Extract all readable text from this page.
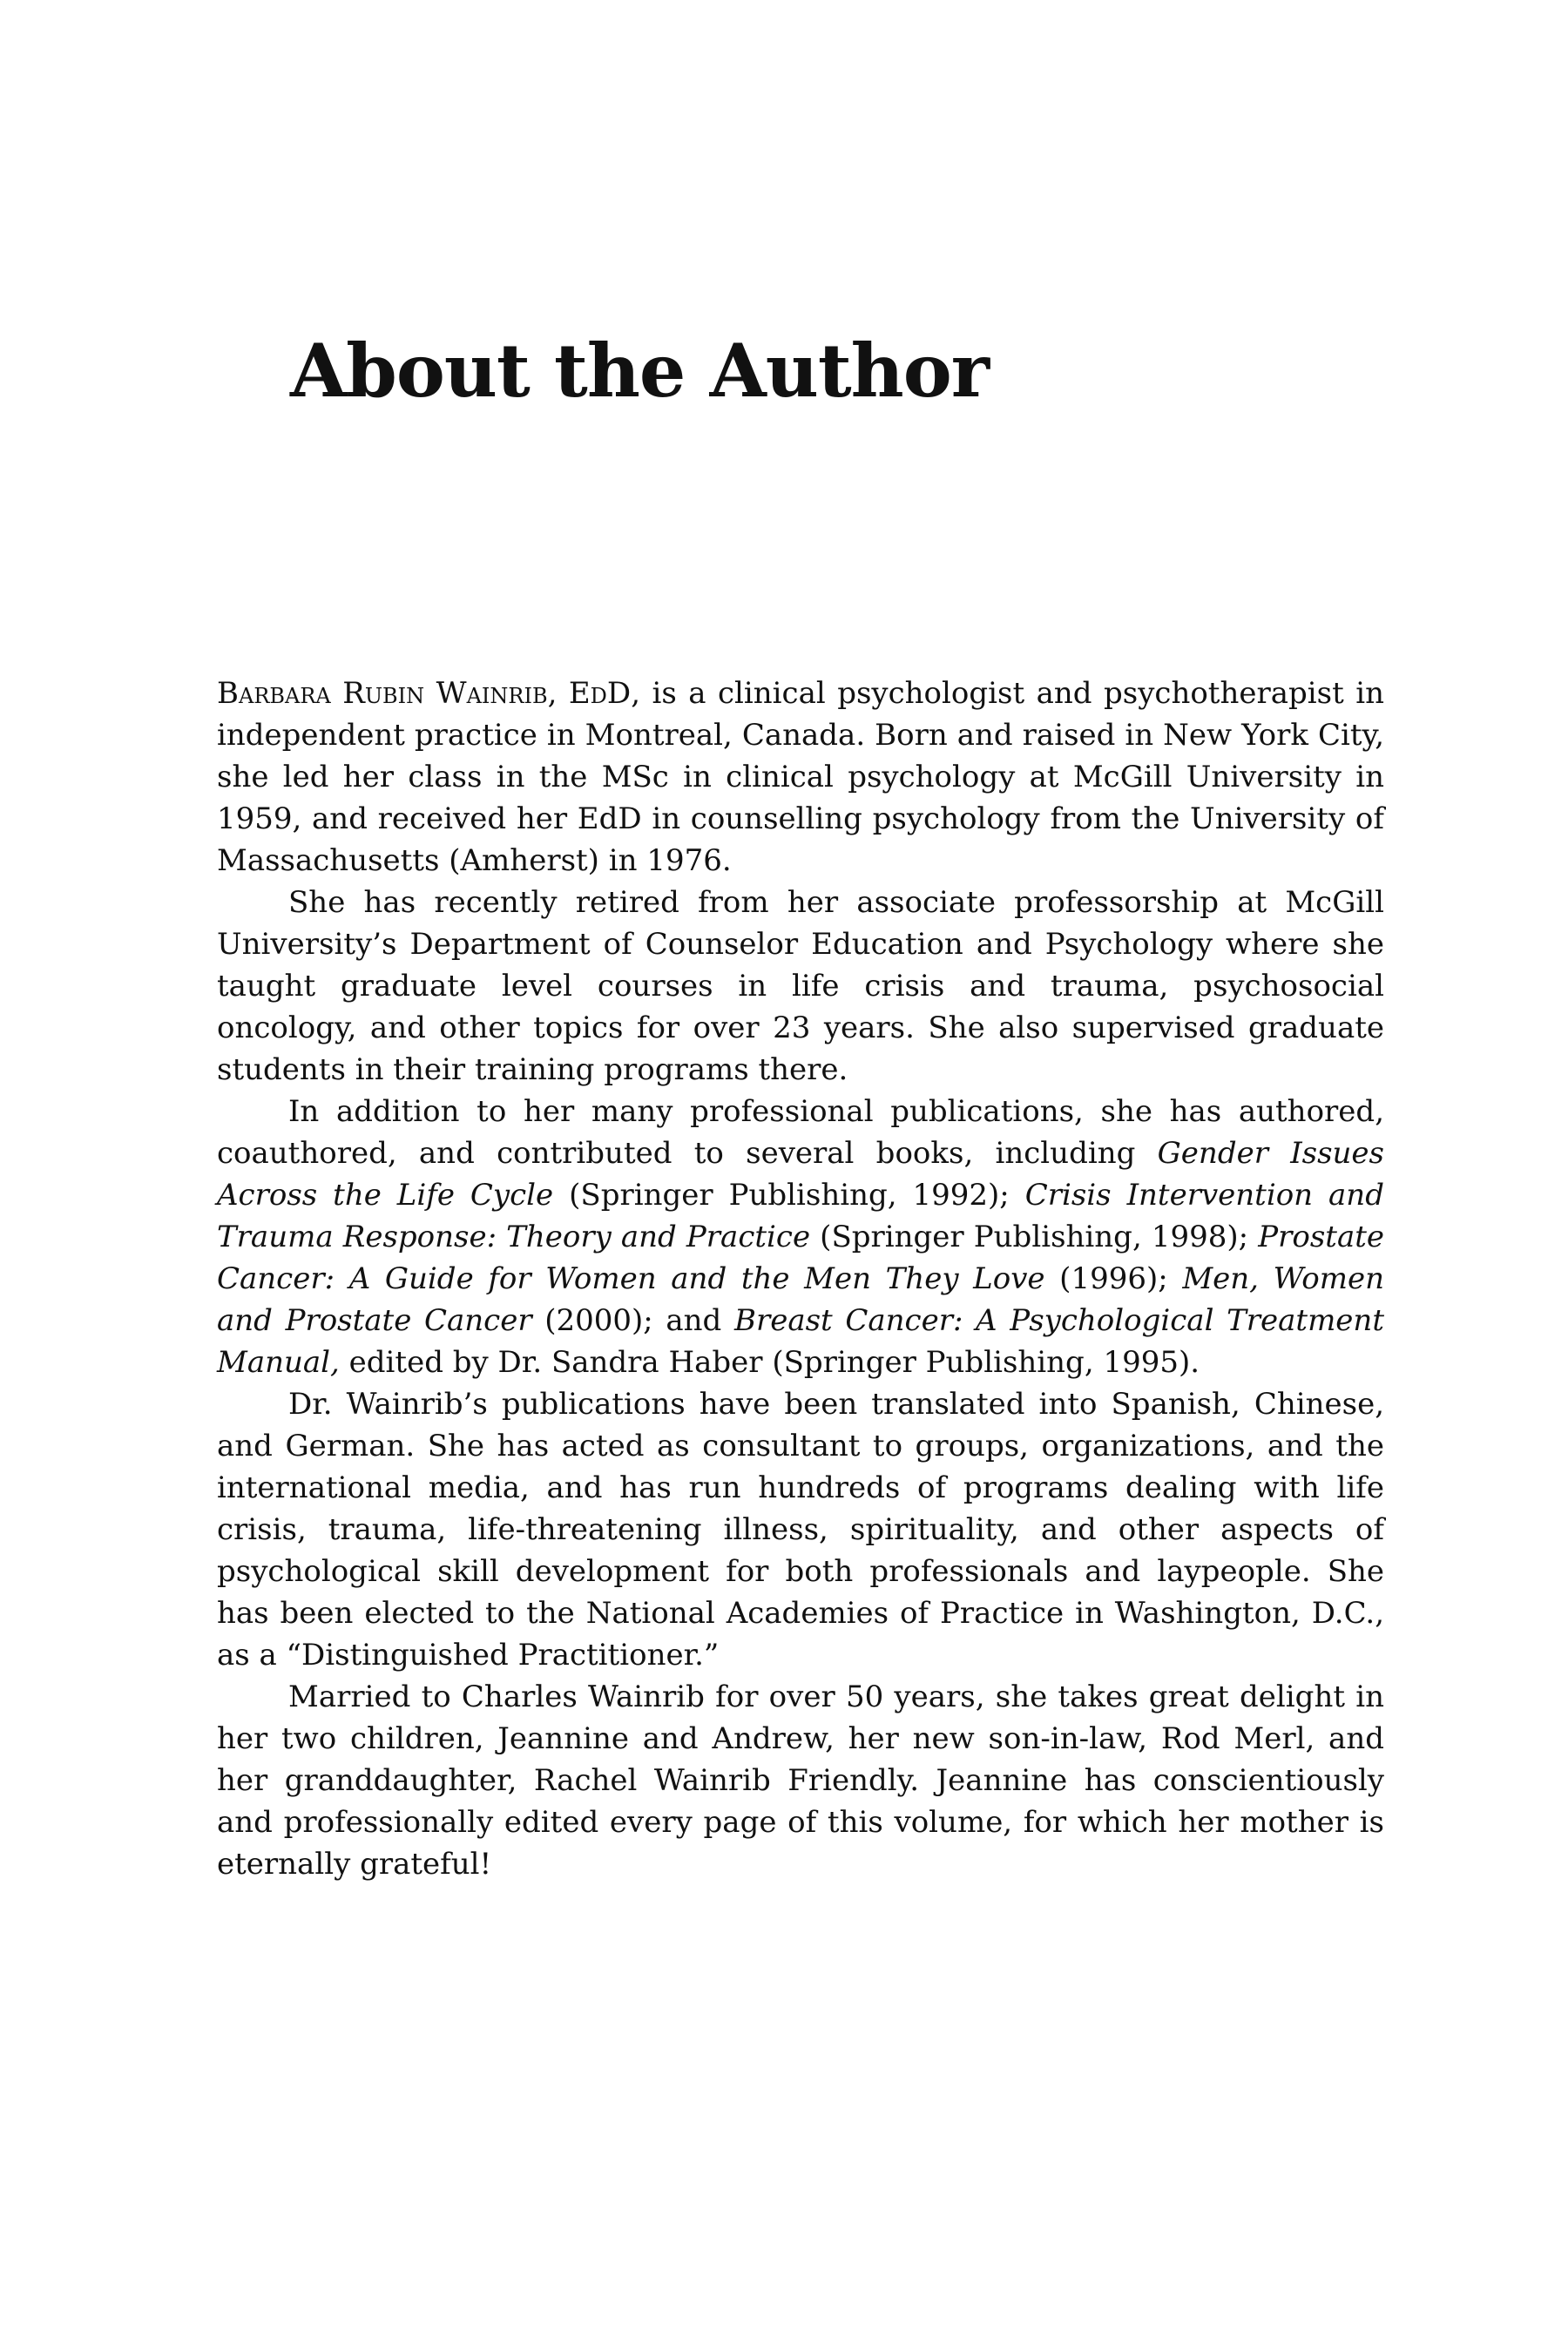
About the Author

Barbara Rubin Wainrib, EdD, is a clinical psychologist and psychotherapist in independent practice in Montreal, Canada. Born and raised in New York City, she led her class in the MSc in clinical psychology at McGill University in 1959, and received her EdD in counselling psychology from the University of Massachusetts (Amherst) in 1976.

She has recently retired from her associate professorship at McGill University’s Department of Counselor Education and Psychology where she taught graduate level courses in life crisis and trauma, psychosocial oncology, and other topics for over 23 years. She also supervised graduate students in their training programs there.

In addition to her many professional publications, she has authored, coauthored, and contributed to several books, including Gender Issues Across the Life Cycle (Springer Publishing, 1992); Crisis Intervention and Trauma Response: Theory and Practice (Springer Publishing, 1998); Prostate Cancer: A Guide for Women and the Men They Love (1996); Men, Women and Prostate Cancer (2000); and Breast Cancer: A Psychological Treatment Manual, edited by Dr. Sandra Haber (Springer Publishing, 1995).

Dr. Wainrib’s publications have been translated into Spanish, Chinese, and German. She has acted as consultant to groups, organizations, and the international media, and has run hundreds of programs dealing with life crisis, trauma, life-threatening illness, spirituality, and other aspects of psychological skill development for both professionals and laypeople. She has been elected to the National Academies of Practice in Washington, D.C., as a “Distinguished Practitioner.”

Married to Charles Wainrib for over 50 years, she takes great delight in her two children, Jeannine and Andrew, her new son-in-law, Rod Merl, and her granddaughter, Rachel Wainrib Friendly. Jeannine has conscientiously and professionally edited every page of this volume, for which her mother is eternally grateful!
